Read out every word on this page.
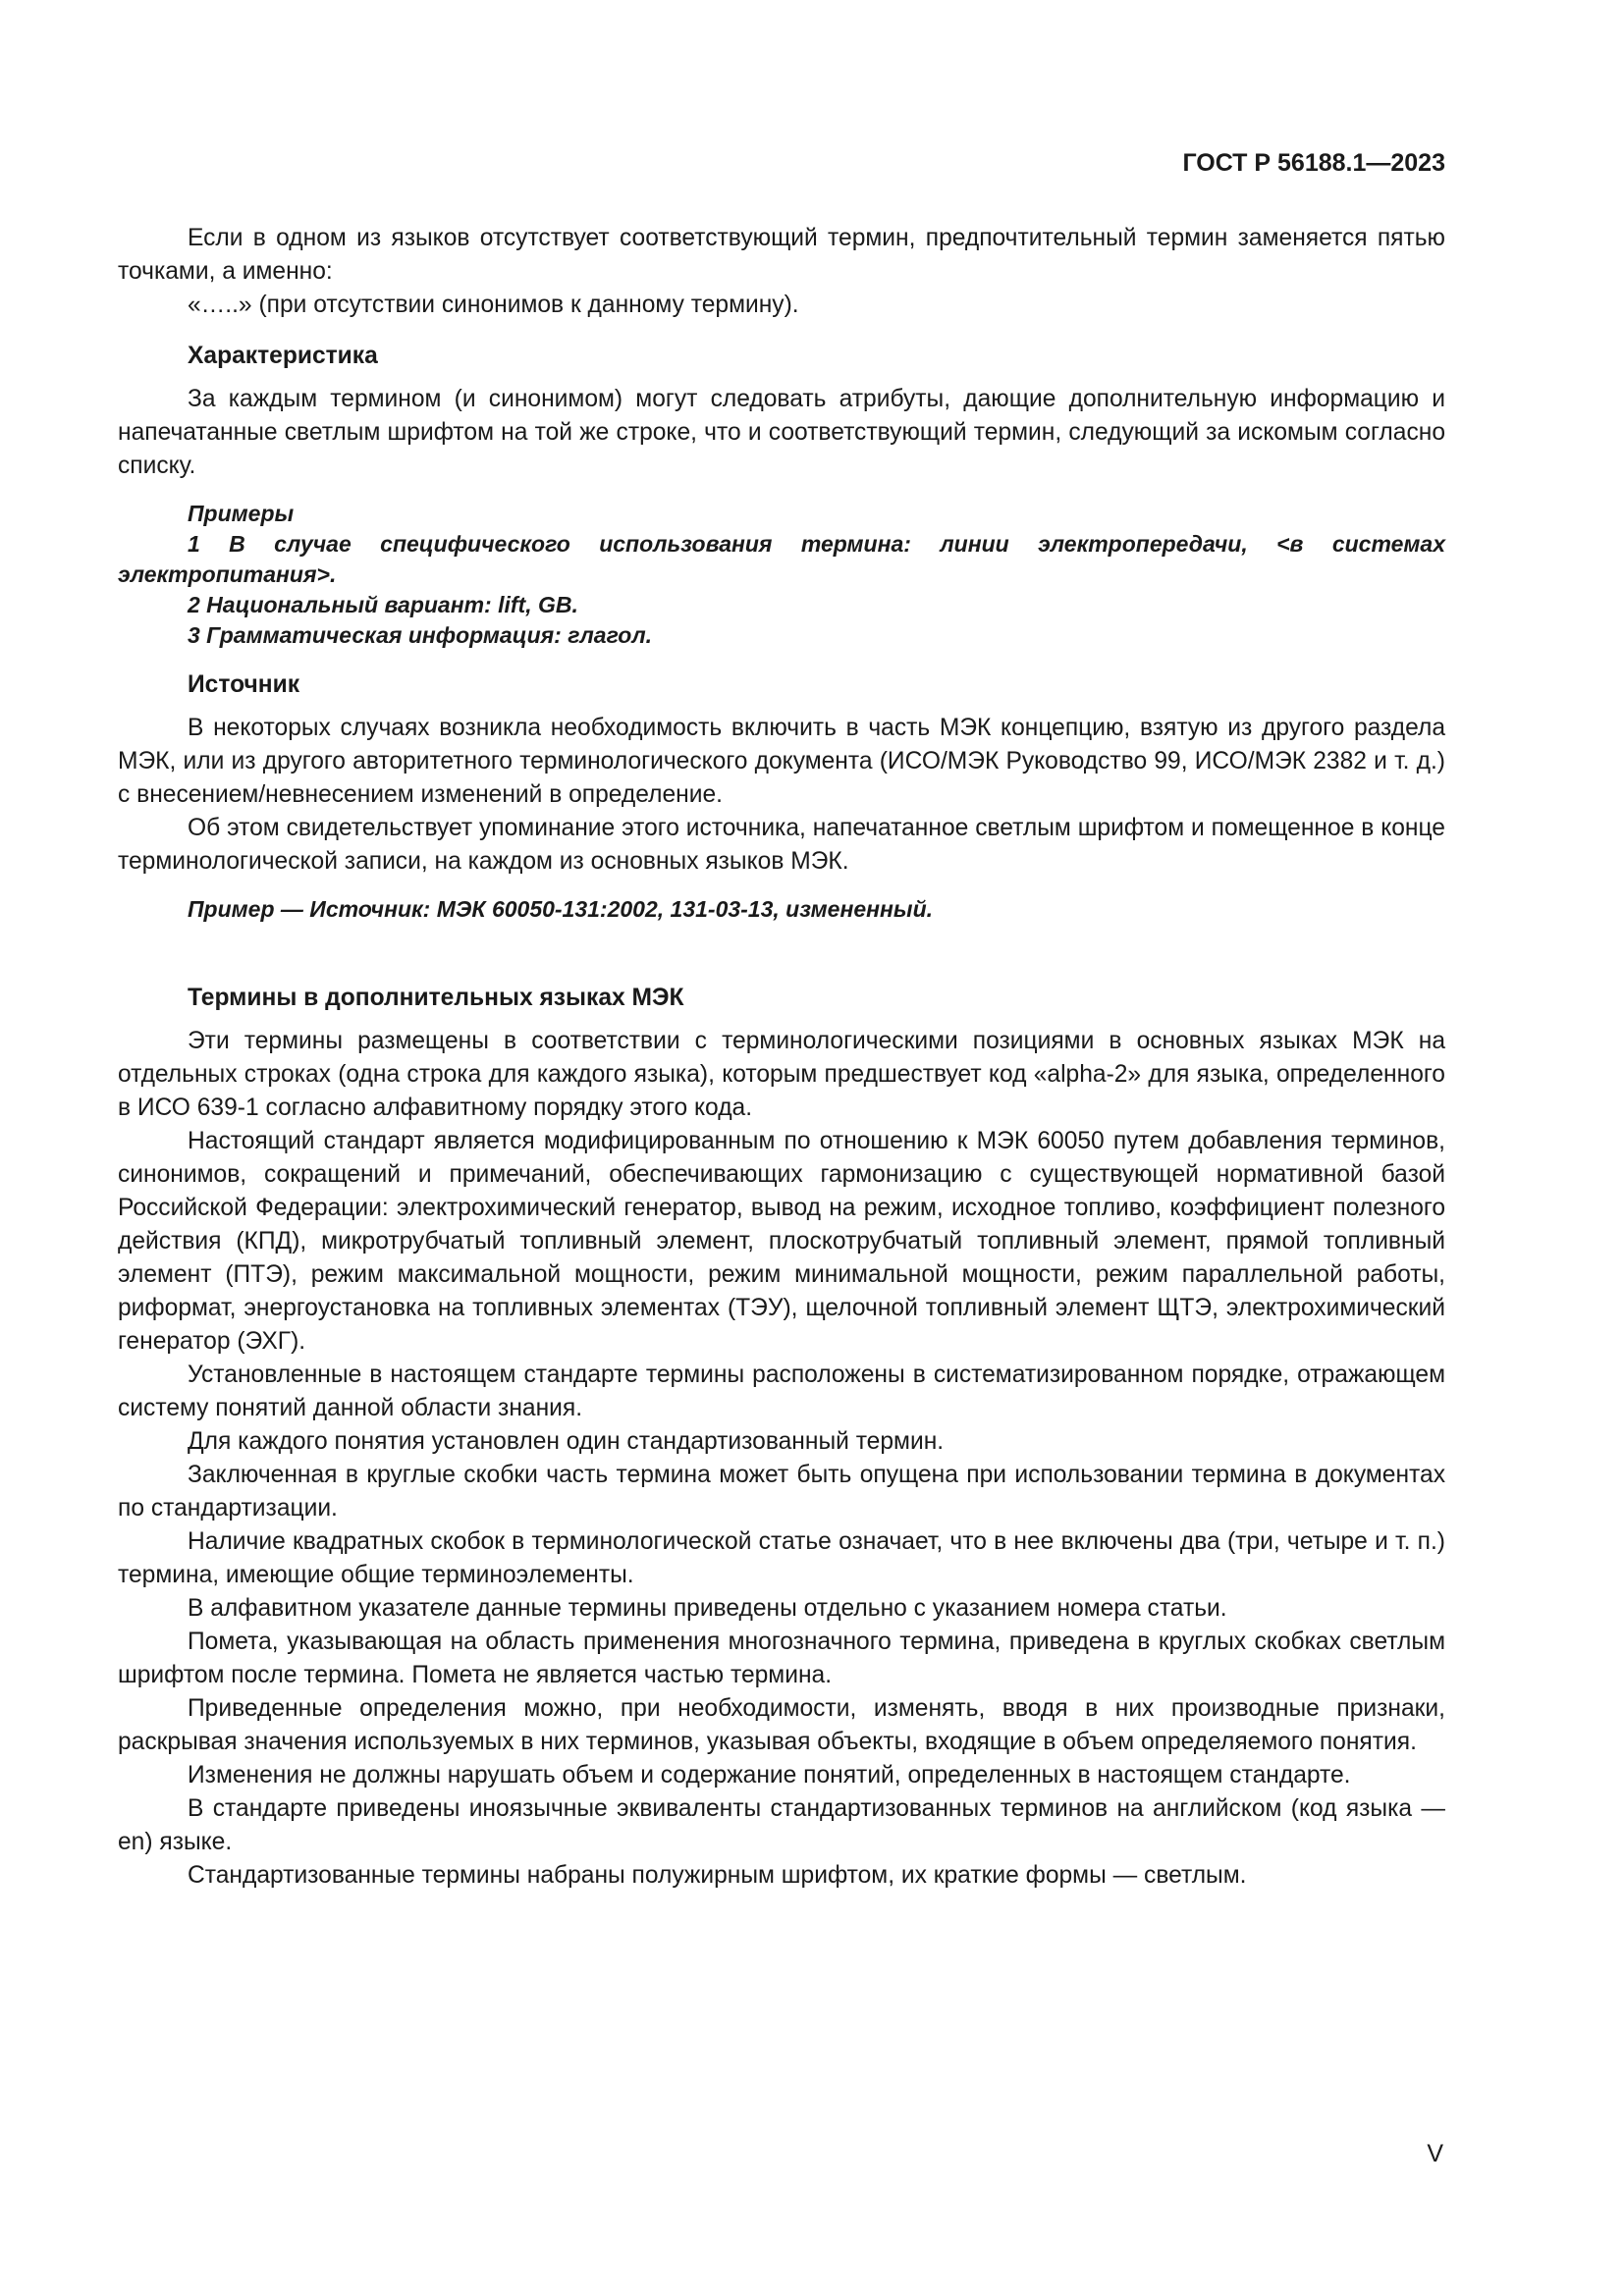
ГОСТ Р 56188.1—2023

Если в одном из языков отсутствует соответствующий термин, предпочтительный термин заменяется пятью точками, а именно:

«…..» (при отсутствии синонимов к данному термину).

Характеристика

За каждым термином (и синонимом) могут следовать атрибуты, дающие дополнительную информацию и напечатанные светлым шрифтом на той же строке, что и соответствующий термин, следующий за искомым согласно списку.

Примеры

1 В случае специфического использования термина: линии электропередачи, <в системах электропитания>.

2 Национальный вариант: lift, GB.

3 Грамматическая информация: глагол.

Источник

В некоторых случаях возникла необходимость включить в часть МЭК концепцию, взятую из другого раздела МЭК, или из другого авторитетного терминологического документа (ИСО/МЭК Руководство 99, ИСО/МЭК 2382 и т. д.) с внесением/невнесением изменений в определение.

Об этом свидетельствует упоминание этого источника, напечатанное светлым шрифтом и помещенное в конце терминологической записи, на каждом из основных языков МЭК.

Пример — Источник: МЭК 60050-131:2002, 131-03-13, измененный.

Термины в дополнительных языках МЭК

Эти термины размещены в соответствии с терминологическими позициями в основных языках МЭК на отдельных строках (одна строка для каждого языка), которым предшествует код «alpha-2» для языка, определенного в ИСО 639-1 согласно алфавитному порядку этого кода.

Настоящий стандарт является модифицированным по отношению к МЭК 60050 путем добавления терминов, синонимов, сокращений и примечаний, обеспечивающих гармонизацию с существующей нормативной базой Российской Федерации: электрохимический генератор, вывод на режим, исходное топливо, коэффициент полезного действия (КПД), микротрубчатый топливный элемент, плоскотрубчатый топливный элемент, прямой топливный элемент (ПТЭ), режим максимальной мощности, режим минимальной мощности, режим параллельной работы, риформат, энергоустановка на топливных элементах (ТЭУ), щелочной топливный элемент ЩТЭ, электрохимический генератор (ЭХГ).

Установленные в настоящем стандарте термины расположены в систематизированном порядке, отражающем систему понятий данной области знания.

Для каждого понятия установлен один стандартизованный термин.

Заключенная в круглые скобки часть термина может быть опущена при использовании термина в документах по стандартизации.

Наличие квадратных скобок в терминологической статье означает, что в нее включены два (три, четыре и т. п.) термина, имеющие общие терминоэлементы.

В алфавитном указателе данные термины приведены отдельно с указанием номера статьи.

Помета, указывающая на область применения многозначного термина, приведена в круглых скобках светлым шрифтом после термина. Помета не является частью термина.

Приведенные определения можно, при необходимости, изменять, вводя в них производные признаки, раскрывая значения используемых в них терминов, указывая объекты, входящие в объем определяемого понятия.

Изменения не должны нарушать объем и содержание понятий, определенных в настоящем стандарте.

В стандарте приведены иноязычные эквиваленты стандартизованных терминов на английском (код языка — en) языке.

Стандартизованные термины набраны полужирным шрифтом, их краткие формы — светлым.

V
